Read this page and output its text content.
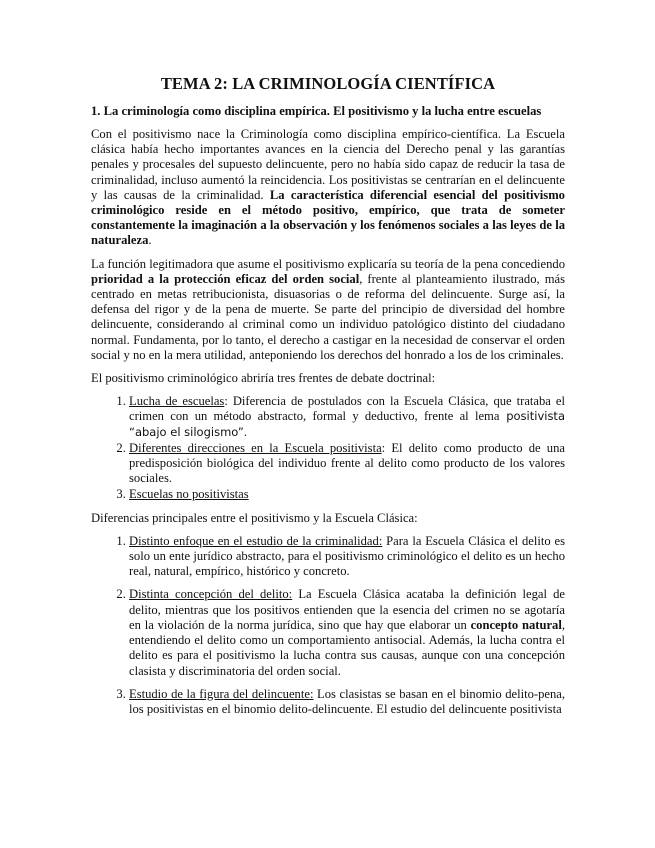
TEMA 2: LA CRIMINOLOGÍA CIENTÍFICA
1. La criminología como disciplina empírica. El positivismo y la lucha entre escuelas

Con el positivismo nace la Criminología como disciplina empírico-científica. La Escuela clásica había hecho importantes avances en la ciencia del Derecho penal y las garantías penales y procesales del supuesto delincuente, pero no había sido capaz de reducir la tasa de criminalidad, incluso aumentó la reincidencia. Los positivistas se centrarían en el delincuente y las causas de la criminalidad. La característica diferencial esencial del positivismo criminológico reside en el método positivo, empírico, que trata de someter constantemente la imaginación a la observación y los fenómenos sociales a las leyes de la naturaleza.

La función legitimadora que asume el positivismo explicaría su teoría de la pena concediendo prioridad a la protección eficaz del orden social, frente al planteamiento ilustrado, más centrado en metas retribucionista, disuasorias o de reforma del delincuente. Surge así, la defensa del rigor y de la pena de muerte. Se parte del principio de diversidad del hombre delincuente, considerando al criminal como un individuo patológico distinto del ciudadano normal. Fundamenta, por lo tanto, el derecho a castigar en la necesidad de conservar el orden social y no en la mera utilidad, anteponiendo los derechos del honrado a los de los criminales.

El positivismo criminológico abriría tres frentes de debate doctrinal:

1. Lucha de escuelas: Diferencia de postulados con la Escuela Clásica, que trataba el crimen con un método abstracto, formal y deductivo, frente al lema positivista “abajo el silogismo”.
2. Diferentes direcciones en la Escuela positivista: El delito como producto de una predisposición biológica del individuo frente al delito como producto de los valores sociales.
3. Escuelas no positivistas

Diferencias principales entre el positivismo y la Escuela Clásica:

1. Distinto enfoque en el estudio de la criminalidad: Para la Escuela Clásica el delito es solo un ente jurídico abstracto, para el positivismo criminológico el delito es un hecho real, natural, empírico, histórico y concreto.
2. Distinta concepción del delito: La Escuela Clásica acataba la definición legal de delito, mientras que los positivos entienden que la esencia del crimen no se agotaría en la violación de la norma jurídica, sino que hay que elaborar un concepto natural, entendiendo el delito como un comportamiento antisocial. Además, la lucha contra el delito es para el positivismo la lucha contra sus causas, aunque con una concepción clasista y discriminatoria del orden social.
3. Estudio de la figura del delincuente: Los clasistas se basan en el binomio delito-pena, los positivistas en el binomio delito-delincuente. El estudio del delincuente positivista
